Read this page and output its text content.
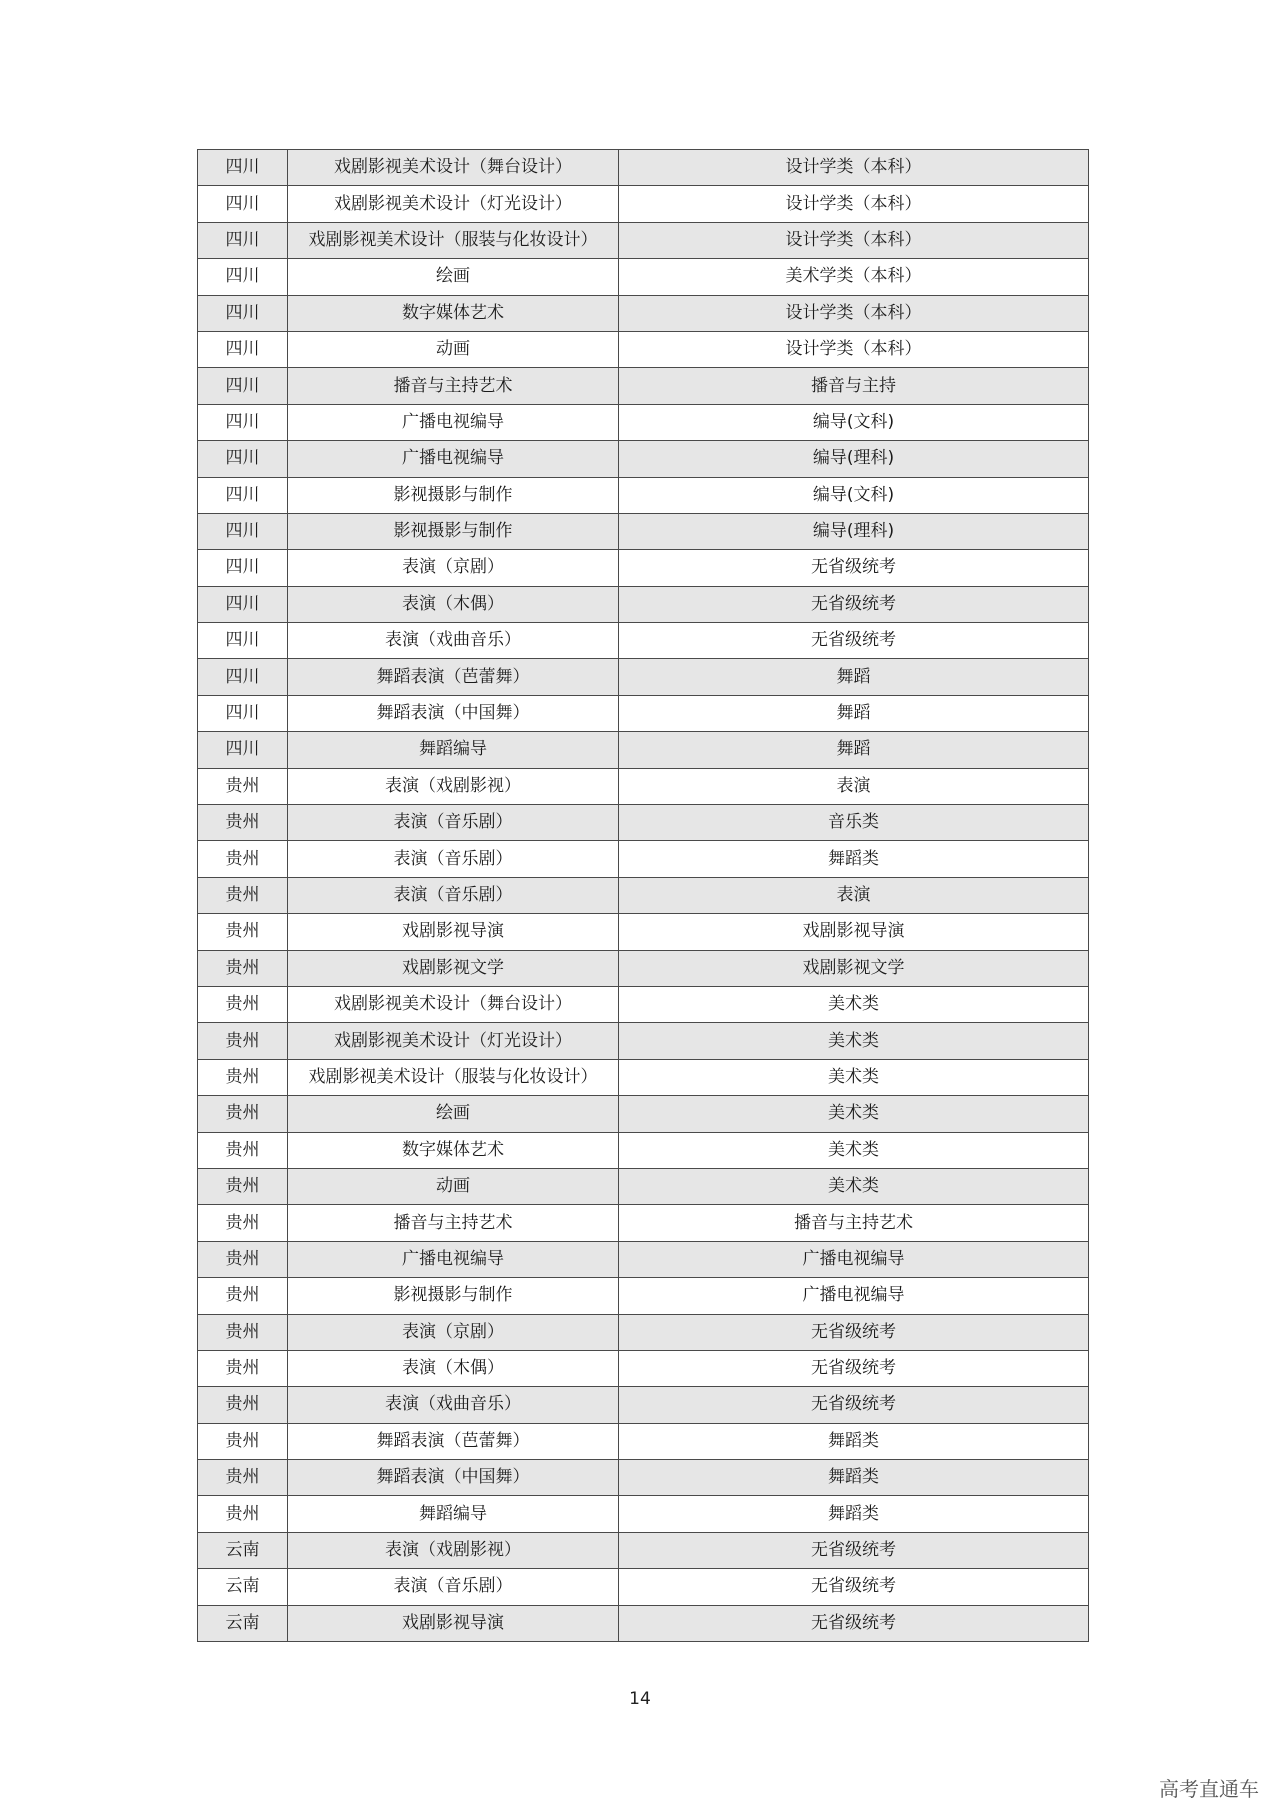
四川	戏剧影视美术设计（舞台设计）	设计学类（本科）
四川	戏剧影视美术设计（灯光设计）	设计学类（本科）
四川	戏剧影视美术设计（服装与化妆设计）	设计学类（本科）
四川	绘画	美术学类（本科）
四川	数字媒体艺术	设计学类（本科）
四川	动画	设计学类（本科）
四川	播音与主持艺术	播音与主持
四川	广播电视编导	编导(文科)
四川	广播电视编导	编导(理科)
四川	影视摄影与制作	编导(文科)
四川	影视摄影与制作	编导(理科)
四川	表演（京剧）	无省级统考
四川	表演（木偶）	无省级统考
四川	表演（戏曲音乐）	无省级统考
四川	舞蹈表演（芭蕾舞）	舞蹈
四川	舞蹈表演（中国舞）	舞蹈
四川	舞蹈编导	舞蹈
贵州	表演（戏剧影视）	表演
贵州	表演（音乐剧）	音乐类
贵州	表演（音乐剧）	舞蹈类
贵州	表演（音乐剧）	表演
贵州	戏剧影视导演	戏剧影视导演
贵州	戏剧影视文学	戏剧影视文学
贵州	戏剧影视美术设计（舞台设计）	美术类
贵州	戏剧影视美术设计（灯光设计）	美术类
贵州	戏剧影视美术设计（服装与化妆设计）	美术类
贵州	绘画	美术类
贵州	数字媒体艺术	美术类
贵州	动画	美术类
贵州	播音与主持艺术	播音与主持艺术
贵州	广播电视编导	广播电视编导
贵州	影视摄影与制作	广播电视编导
贵州	表演（京剧）	无省级统考
贵州	表演（木偶）	无省级统考
贵州	表演（戏曲音乐）	无省级统考
贵州	舞蹈表演（芭蕾舞）	舞蹈类
贵州	舞蹈表演（中国舞）	舞蹈类
贵州	舞蹈编导	舞蹈类
云南	表演（戏剧影视）	无省级统考
云南	表演（音乐剧）	无省级统考
云南	戏剧影视导演	无省级统考
14
高考直通车
